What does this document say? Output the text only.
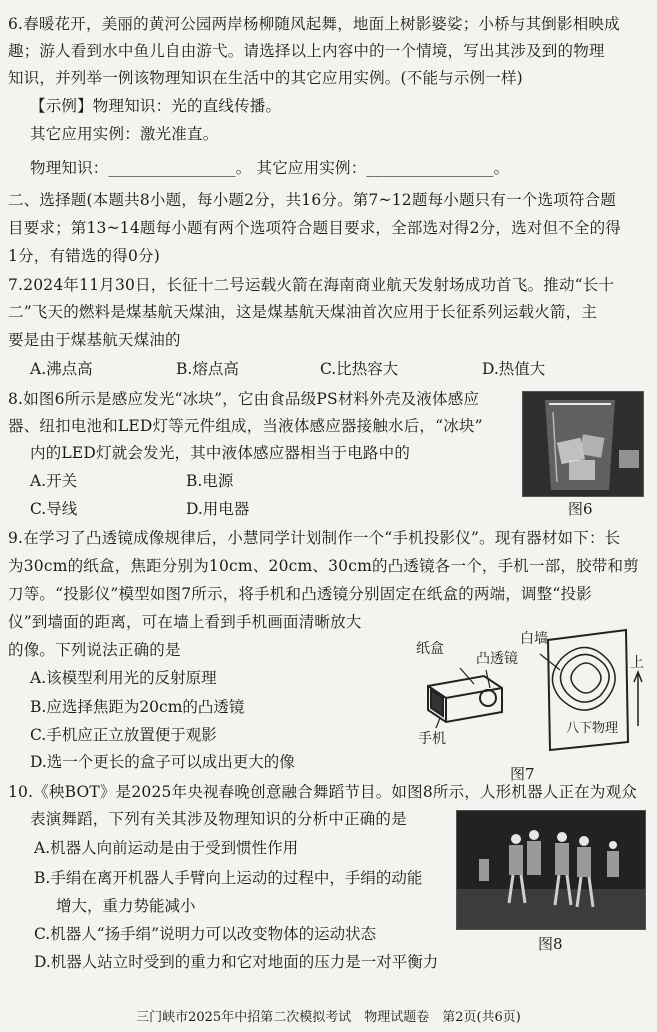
6.春暖花开，美丽的黄河公园两岸杨柳随风起舞，地面上树影婆娑；小桥与其倒影相映成
趣；游人看到水中鱼儿自由游弋。请选择以上内容中的一个情境，写出其涉及到的物理
知识，并列举一例该物理知识在生活中的其它应用实例。(不能与示例一样)
【示例】物理知识：光的直线传播。
其它应用实例：激光准直。
物理知识：________________。 其它应用实例：________________。
二、选择题(本题共8小题，每小题2分，共16分。第7~12题每小题只有一个选项符合题
目要求；第13~14题每小题有两个选项符合题目要求，全部选对得2分，选对但不全的得
1分，有错选的得0分)
7.2024年11月30日，长征十二号运载火箭在海南商业航天发射场成功首飞。推动“长十
二”飞天的燃料是煤基航天煤油，这是煤基航天煤油首次应用于长征系列运载火箭，主
要是由于煤基航天煤油的
A.沸点高	B.熔点高	C.比热容大	D.热值大
8.如图6所示是感应发光“冰块”，它由食品级PS材料外壳及液体感应
器、纽扣电池和LED灯等元件组成，当液体感应器接触水后，“冰块”
内的LED灯就会发光，其中液体感应器相当于电路中的
A.开关	B.电源
C.导线	D.用电器	图6
9.在学习了凸透镜成像规律后，小慧同学计划制作一个“手机投影仪”。现有器材如下：长
为30cm的纸盒，焦距分别为10cm、20cm、30cm的凸透镜各一个，手机一部，胶带和剪
刀等。“投影仪”模型如图7所示，将手机和凸透镜分别固定在纸盒的两端，调整“投影
仪”到墙面的距离，可在墙上看到手机画面清晰放大
的像。下列说法正确的是
A.该模型利用光的反射原理
B.应选择焦距为20cm的凸透镜
C.手机应正立放置便于观影
D.选一个更长的盒子可以成出更大的像
纸盒
凸透镜
手机
白墙
八下物理
上
图7
10.《秧BOT》是2025年央视春晚创意融合舞蹈节目。如图8所示，人形机器人正在为观众
表演舞蹈，下列有关其涉及物理知识的分析中正确的是
A.机器人向前运动是由于受到惯性作用
B.手绢在离开机器人手臂向上运动的过程中，手绢的动能
增大，重力势能减小
C.机器人“扬手绢”说明力可以改变物体的运动状态
D.机器人站立时受到的重力和它对地面的压力是一对平衡力
图8
三门峡市2025年中招第二次模拟考试　物理试题卷　第2页(共6页)
